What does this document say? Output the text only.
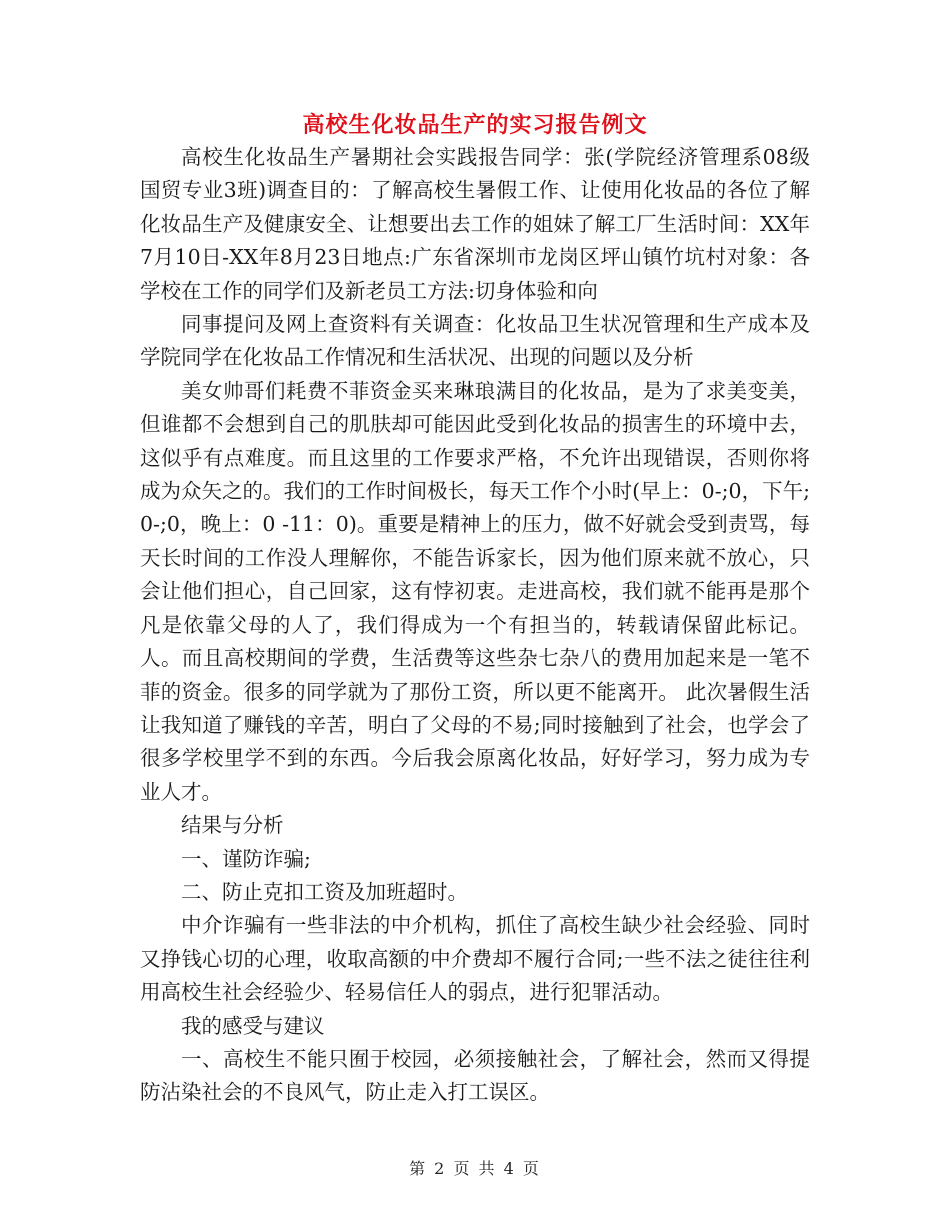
高校生化妆品生产的实习报告例文

高校生化妆品生产暑期社会实践报告同学：张(学院经济管理系08级 国贸专业3班)调查目的：了解高校生暑假工作、让使用化妆品的各位了解化妆品生产及健康安全、让想要出去工作的姐妹了解工厂生活时间：XX年7月10日-XX年8月23日地点:广东省深圳市龙岗区坪山镇竹坑村对象：各学校在工作的同学们及新老员工方法:切身体验和向

同事提问及网上查资料有关调查：化妆品卫生状况管理和生产成本及学院同学在化妆品工作情况和生活状况、出现的问题以及分析

美女帅哥们耗费不菲资金买来琳琅满目的化妆品，是为了求美变美，但谁都不会想到自己的肌肤却可能因此受到化妆品的损害生的环境中去，这似乎有点难度。而且这里的工作要求严格，不允许出现错误，否则你将成为众矢之的。我们的工作时间极长，每天工作个小时(早上：0-;0，下午;0-;0，晚上：0 -11：0)。重要是精神上的压力，做不好就会受到责骂，每天长时间的工作没人理解你，不能告诉家长，因为他们原来就不放心，只会让他们担心，自己回家，这有悖初衷。走进高校，我们就不能再是那个凡是依靠父母的人了，我们得成为一个有担当的，转载请保留此标记。 人。而且高校期间的学费，生活费等这些杂七杂八的费用加起来是一笔不菲的资金。很多的同学就为了那份工资，所以更不能离开。 此次暑假生活让我知道了赚钱的辛苦，明白了父母的不易;同时接触到了社会，也学会了很多学校里学不到的东西。今后我会原离化妆品，好好学习，努力成为专业人才。

结果与分析

一、谨防诈骗;

二、防止克扣工资及加班超时。

中介诈骗有一些非法的中介机构，抓住了高校生缺少社会经验、同时又挣钱心切的心理，收取高额的中介费却不履行合同;一些不法之徒往往利用高校生社会经验少、轻易信任人的弱点，进行犯罪活动。

我的感受与建议

一、高校生不能只囿于校园，必须接触社会，了解社会，然而又得提防沾染社会的不良风气，防止走入打工误区。

第 2 页 共 4 页
